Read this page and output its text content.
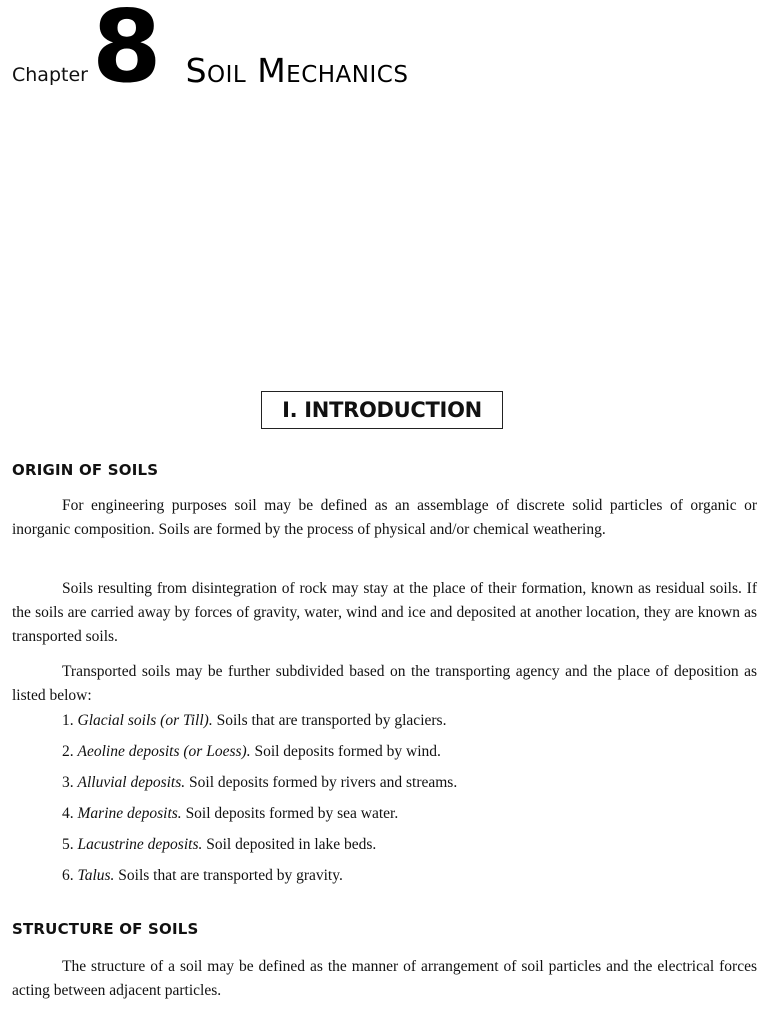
Chapter 8 Soil Mechanics
I. INTRODUCTION
ORIGIN OF SOILS

For engineering purposes soil may be defined as an assemblage of discrete solid particles of organic or inorganic composition. Soils are formed by the process of physical and/or chemical weathering.

Soils resulting from disintegration of rock may stay at the place of their formation, known as residual soils. If the soils are carried away by forces of gravity, water, wind and ice and deposited at another location, they are known as transported soils.

Transported soils may be further subdivided based on the transporting agency and the place of deposition as listed below:

1. Glacial soils (or Till). Soils that are transported by glaciers.
2. Aeoline deposits (or Loess). Soil deposits formed by wind.
3. Alluvial deposits. Soil deposits formed by rivers and streams.
4. Marine deposits. Soil deposits formed by sea water.
5. Lacustrine deposits. Soil deposited in lake beds.
6. Talus. Soils that are transported by gravity.
STRUCTURE OF SOILS

The structure of a soil may be defined as the manner of arrangement of soil particles and the electrical forces acting between adjacent particles.
